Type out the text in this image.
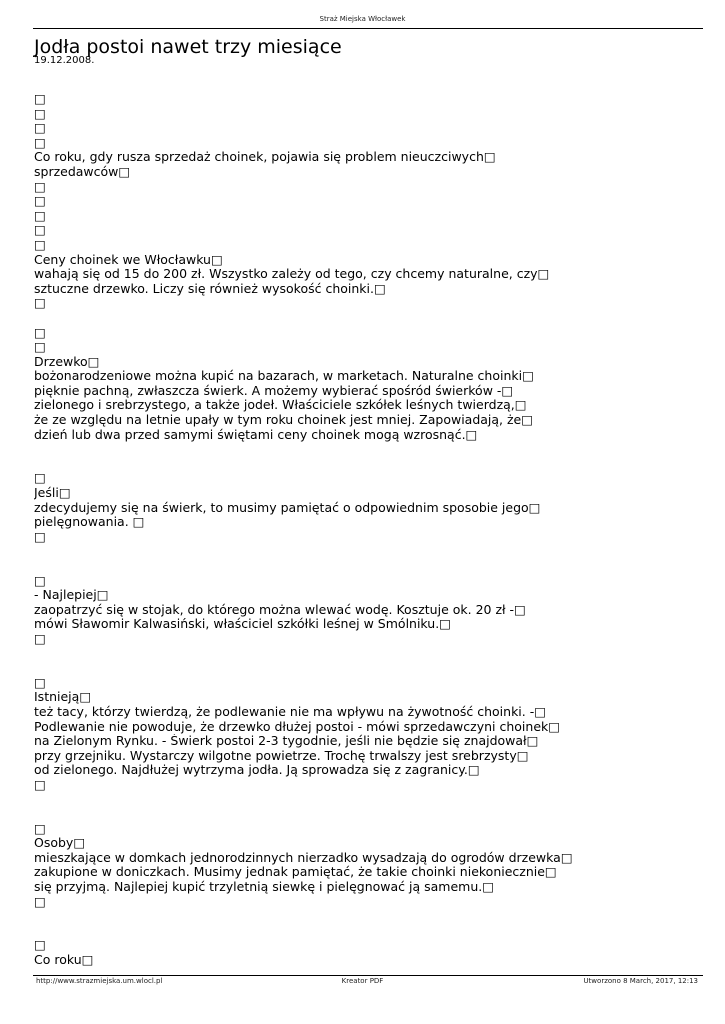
Straż Miejska Włocławek
Jodła postoi nawet trzy miesiące
19.12.2008.
□
□
□
□
Co roku, gdy rusza sprzedaż choinek, pojawia się problem nieuczciwych□
sprzedawców□
□
□
□
□
□
Ceny choinek we Włocławku□
wahają się od 15 do 200 zł. Wszystko zależy od tego, czy chcemy naturalne, czy□
sztuczne drzewko. Liczy się również wysokość choinki.□
□
□
□
Drzewko□
bożonarodzeniowe można kupić na bazarach, w marketach. Naturalne choinki□
pięknie pachną, zwłaszcza świerk. A możemy wybierać spośród świerków -□
zielonego i srebrzystego, a także jodeł. Właściciele szkółek leśnych twierdzą,□
że ze względu na letnie upały w tym roku choinek jest mniej. Zapowiadają, że□
dzień lub dwa przed samymi świętami ceny choinek mogą wzrosnąć.□
□
Jeśli□
zdecydujemy się na świerk, to musimy pamiętać o odpowiednim sposobie jego□
pielęgnowania. □
□
□
- Najlepiej□
zaopatrzyć się w stojak, do którego można wlewać wodę. Kosztuje ok. 20 zł -□
mówi Sławomir Kalwasiński, właściciel szkółki leśnej w Smólniku.□
□
□
Istnieją□
też tacy, którzy twierdzą, że podlewanie nie ma wpływu na żywotność choinki. -□
Podlewanie nie powoduje, że drzewko dłużej postoi - mówi sprzedawczyni choinek□
na Zielonym Rynku. - Świerk postoi 2-3 tygodnie, jeśli nie będzie się znajdował□
przy grzejniku. Wystarczy wilgotne powietrze. Trochę trwalszy jest srebrzysty□
od zielonego. Najdłużej wytrzyma jodła. Ją sprowadza się z zagranicy.□
□
□
Osoby□
mieszkające w domkach jednorodzinnych nierzadko wysadzają do ogrodów drzewka□
zakupione w doniczkach. Musimy jednak pamiętać, że takie choinki niekoniecznie□
się przyjmą. Najlepiej kupić trzyletnią siewkę i pielęgnować ją samemu.□
□
□
Co roku□
http://www.strazmiejska.um.wlocl.pl	Kreator PDF	Utworzono 8 March, 2017, 12:13
